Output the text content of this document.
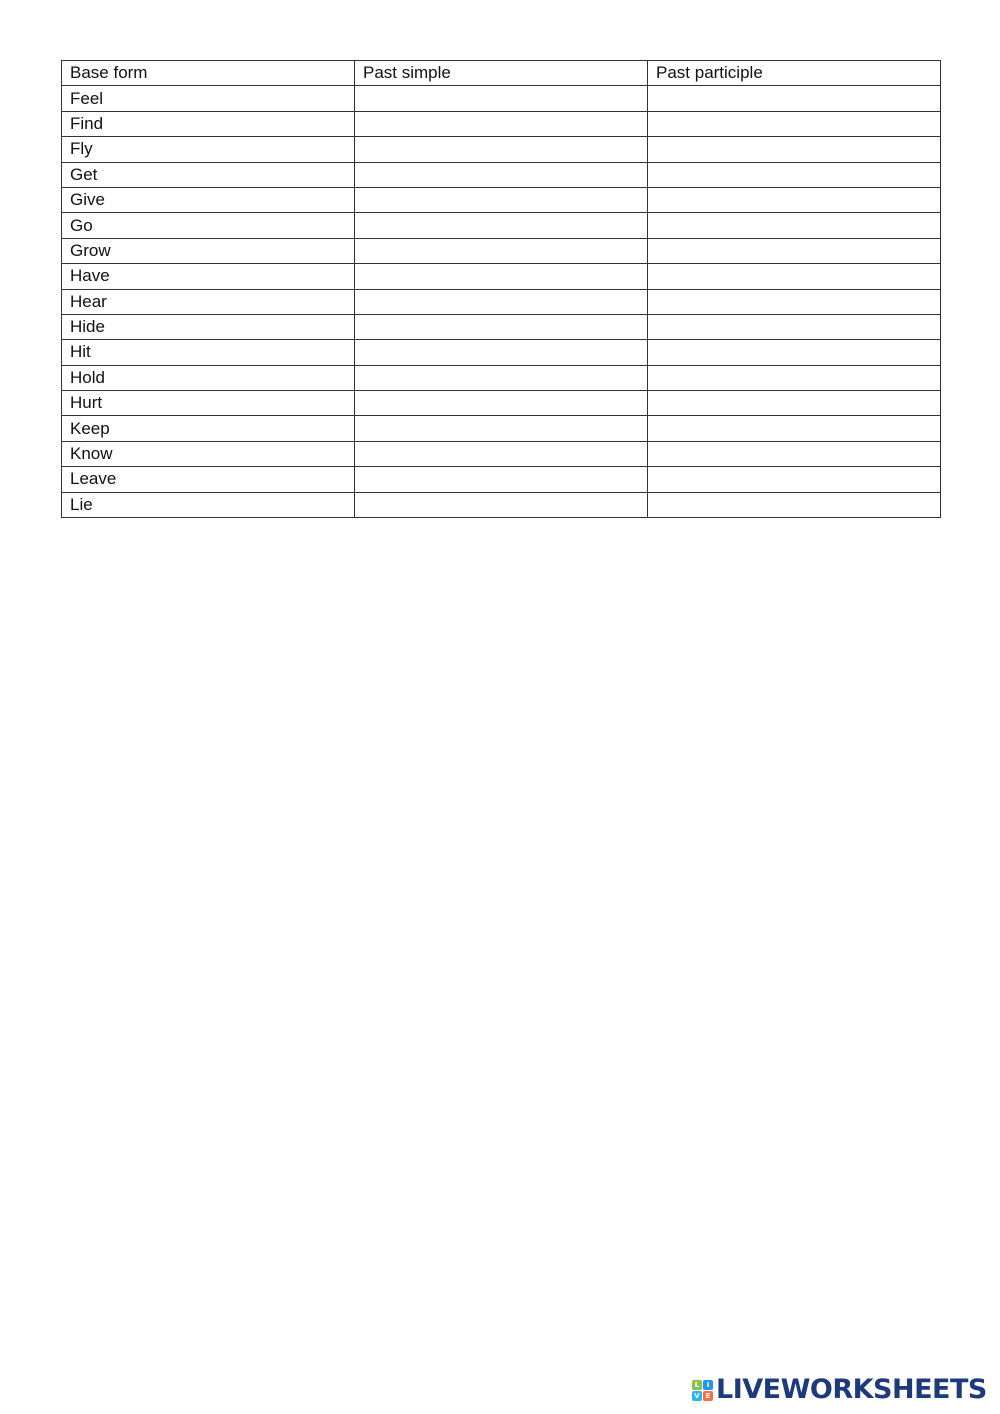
Base form	Past simple	Past participle
Feel		
Find		
Fly		
Get		
Give		
Go		
Grow		
Have		
Hear		
Hide		
Hit		
Hold		
Hurt		
Keep		
Know		
Leave		
Lie		
L	I
V E LIVEWORKSHEETS
